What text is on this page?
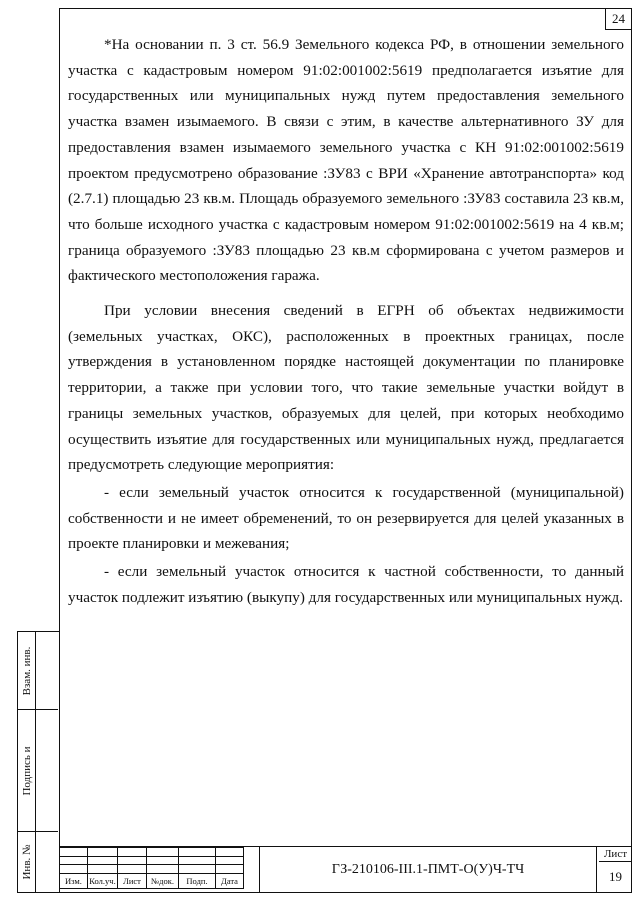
24

*На основании п. 3 ст. 56.9 Земельного кодекса РФ, в отношении земельного участка с кадастровым номером 91:02:001002:5619 предполагается изъятие для государственных или муниципальных нужд путем предоставления земельного участка взамен изымаемого. В связи с этим, в качестве альтернативного ЗУ для предоставления взамен изымаемого земельного участка с КН 91:02:001002:5619 проектом предусмотрено образование :ЗУ83 с ВРИ «Хранение автотранспорта» код (2.7.1) площадью 23 кв.м. Площадь образуемого земельного :ЗУ83 составила 23 кв.м, что больше исходного участка с кадастровым номером 91:02:001002:5619 на 4 кв.м; граница образуемого :ЗУ83 площадью 23 кв.м сформирована с учетом размеров и фактического местоположения гаража.

При условии внесения сведений в ЕГРН об объектах недвижимости (земельных участках, ОКС), расположенных в проектных границах, после утверждения в установленном порядке настоящей документации по планировке территории, а также при условии того, что такие земельные участки войдут в границы земельных участков, образуемых для целей, при которых необходимо осуществить изъятие для государственных или муниципальных нужд, предлагается предусмотреть следующие мероприятия:

- если земельный участок относится к государственной (муниципальной) собственности и не имеет обременений, то он резервируется для целей указанных в проекте планировки и межевания;

- если земельный участок относится к частной собственности, то данный участок подлежит изъятию (выкупу) для государственных или муниципальных нужд.

Взам. инв.
Подпись и
Инв. №

Изм.	Кол.уч.	Лист	№док.	Подп.	Дата
ГЗ-210106-III.1-ПМТ-О(У)Ч-ТЧ
Лист
19
